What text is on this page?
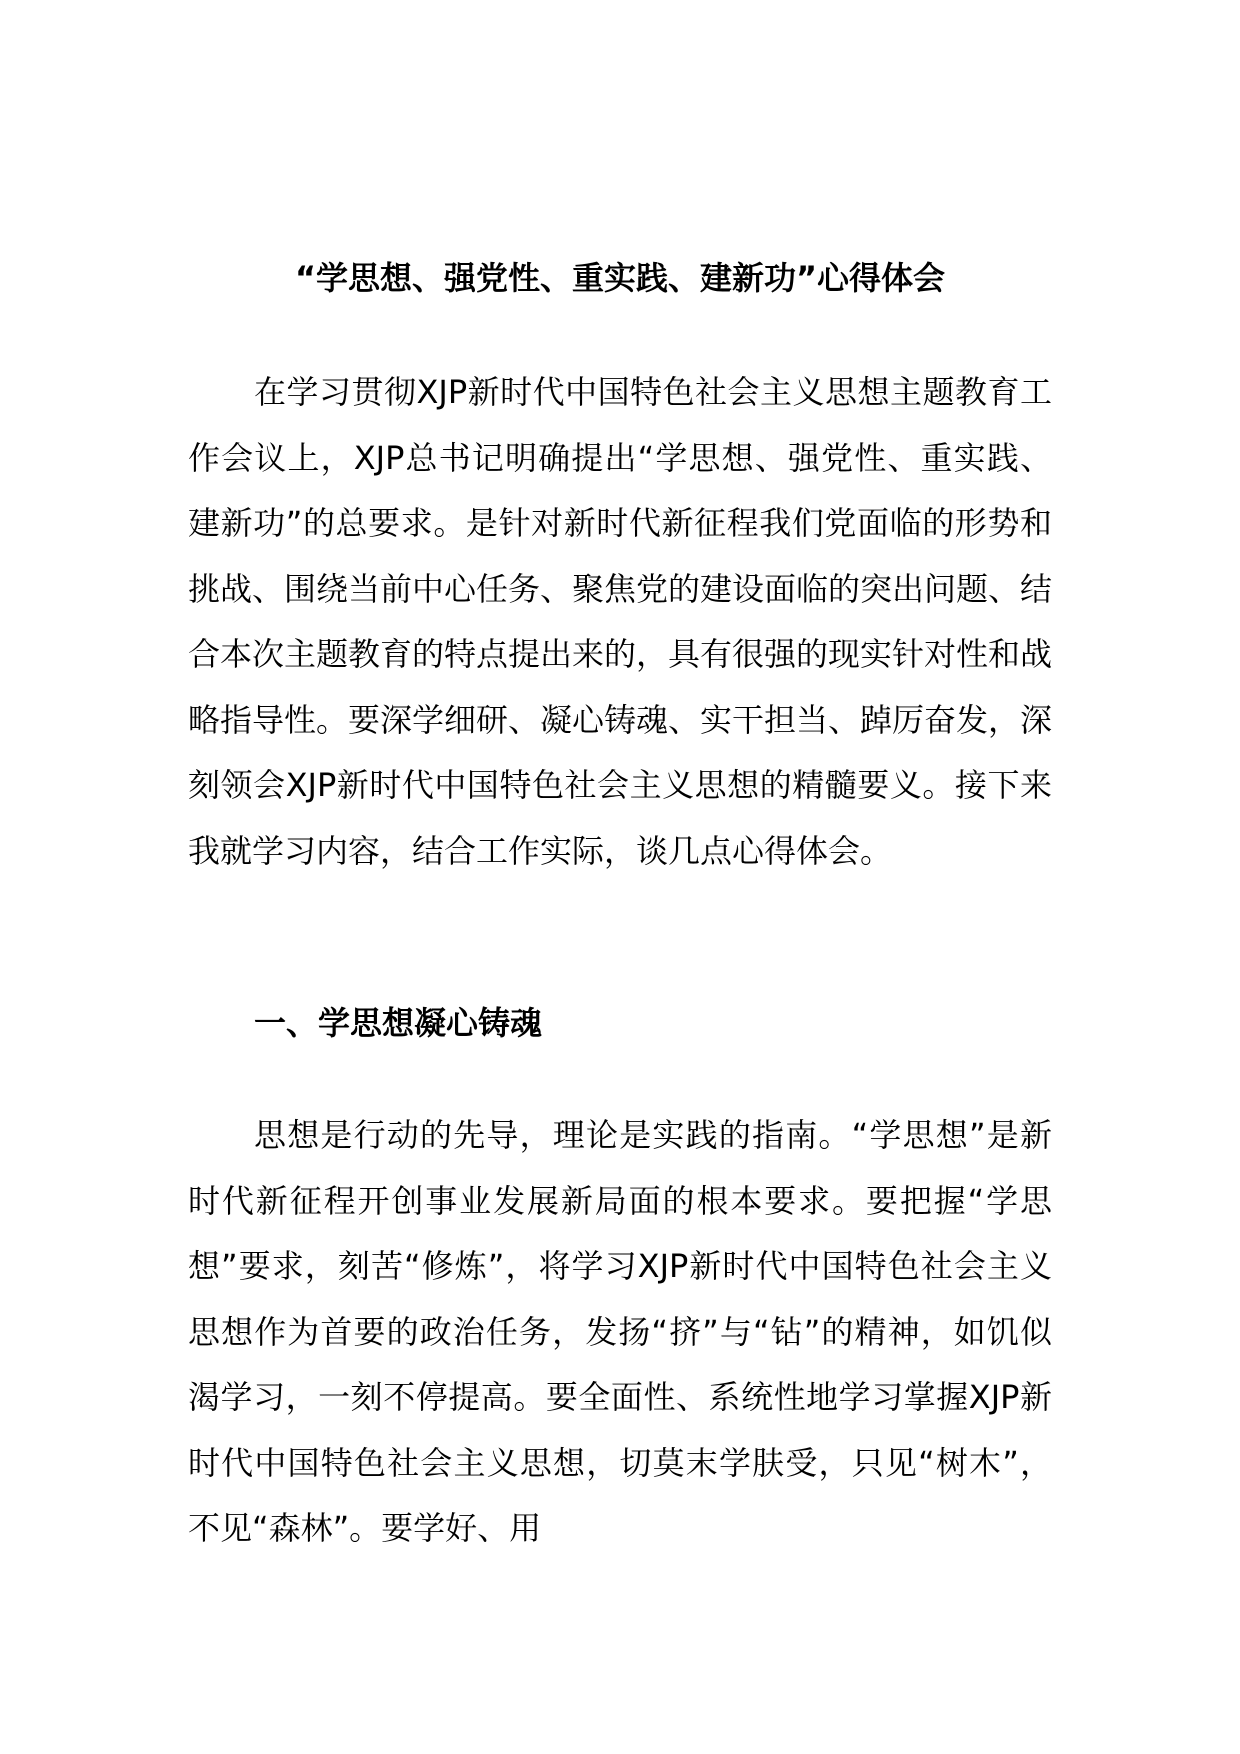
“学思想、强党性、重实践、建新功”心得体会

在学习贯彻XJP新时代中国特色社会主义思想主题教育工作会议上，XJP总书记明确提出“学思想、强党性、重实践、建新功”的总要求。是针对新时代新征程我们党面临的形势和挑战、围绕当前中心任务、聚焦党的建设面临的突出问题、结合本次主题教育的特点提出来的，具有很强的现实针对性和战略指导性。要深学细研、凝心铸魂、实干担当、踔厉奋发，深刻领会XJP新时代中国特色社会主义思想的精髓要义。接下来我就学习内容，结合工作实际，谈几点心得体会。

一、学思想凝心铸魂

思想是行动的先导，理论是实践的指南。“学思想”是新时代新征程开创事业发展新局面的根本要求。要把握“学思想”要求，刻苦“修炼”，将学习XJP新时代中国特色社会主义思想作为首要的政治任务，发扬“挤”与“钻”的精神，如饥似渴学习，一刻不停提高。要全面性、系统性地学习掌握XJP新时代中国特色社会主义思想，切莫末学肤受，只见“树木”，不见“森林”。要学好、用
